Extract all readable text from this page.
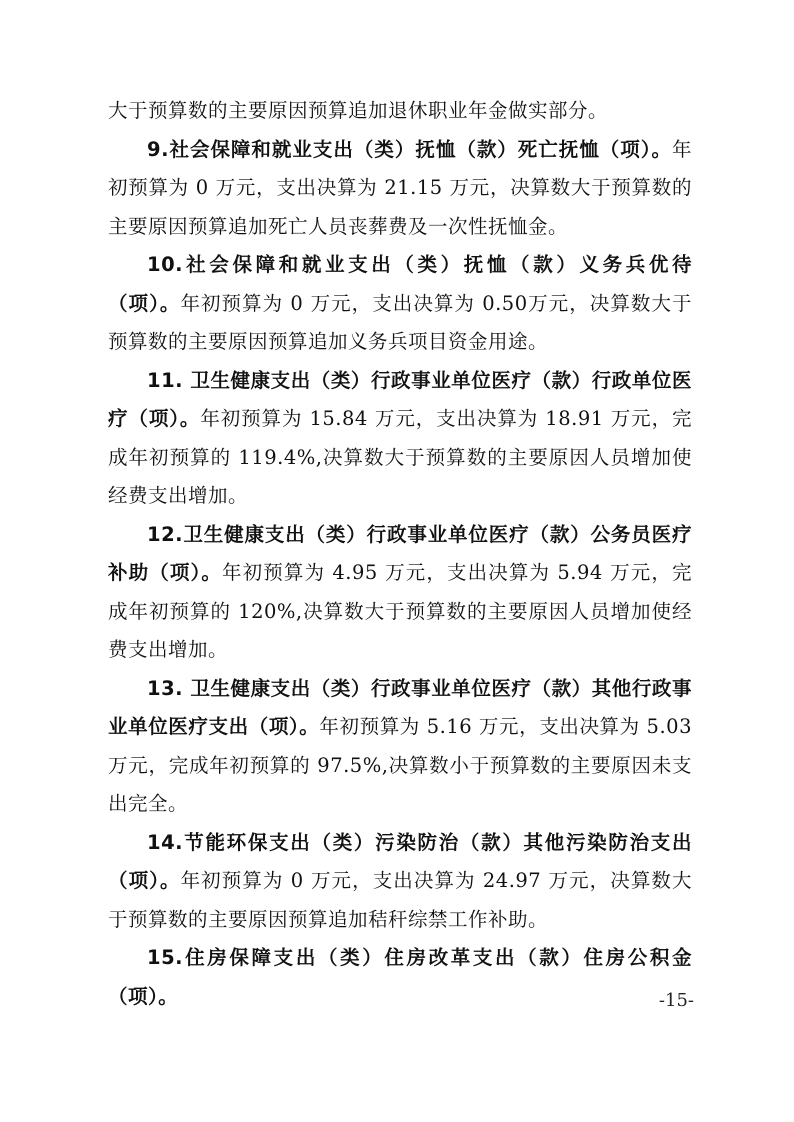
大于预算数的主要原因预算追加退休职业年金做实部分。

9.社会保障和就业支出（类）抚恤（款）死亡抚恤（项）。年初预算为 0 万元，支出决算为 21.15 万元，决算数大于预算数的主要原因预算追加死亡人员丧葬费及一次性抚恤金。

10.社会保障和就业支出（类）抚恤（款）义务兵优待（项）。年初预算为 0 万元，支出决算为 0.50万元，决算数大于预算数的主要原因预算追加义务兵项目资金用途。

11. 卫生健康支出（类）行政事业单位医疗（款）行政单位医疗（项）。年初预算为 15.84 万元，支出决算为 18.91 万元，完成年初预算的 119.4%,决算数大于预算数的主要原因人员增加使经费支出增加。

12.卫生健康支出（类）行政事业单位医疗（款）公务员医疗补助（项）。年初预算为 4.95 万元，支出决算为 5.94 万元，完成年初预算的 120%,决算数大于预算数的主要原因人员增加使经费支出增加。

13. 卫生健康支出（类）行政事业单位医疗（款）其他行政事业单位医疗支出（项）。年初预算为 5.16 万元，支出决算为 5.03 万元，完成年初预算的 97.5%,决算数小于预算数的主要原因未支出完全。

14.节能环保支出（类）污染防治（款）其他污染防治支出（项）。年初预算为 0 万元，支出决算为 24.97 万元，决算数大于预算数的主要原因预算追加秸秆综禁工作补助。

15.住房保障支出（类）住房改革支出（款）住房公积金（项）。	-15-
